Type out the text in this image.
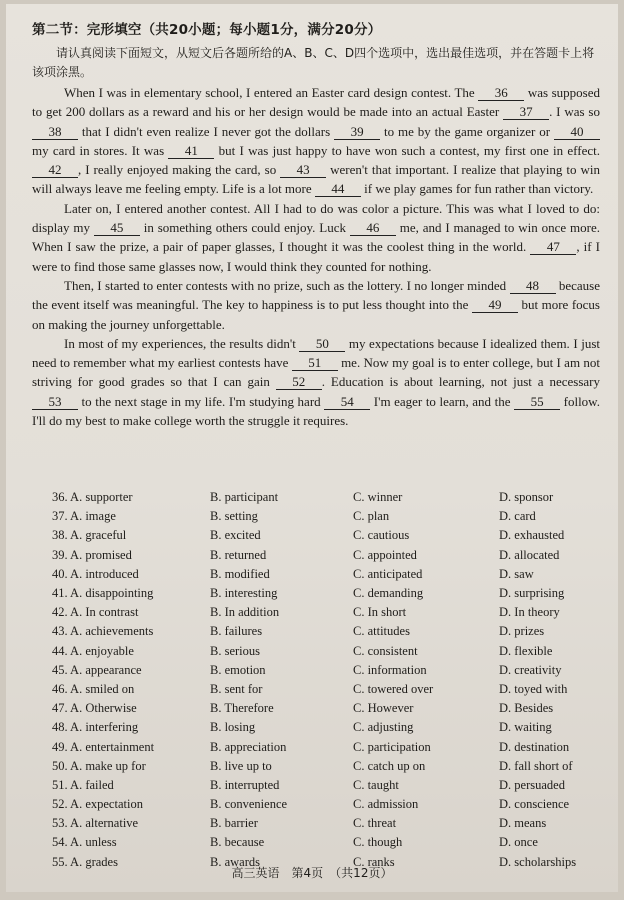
第二节：完形填空（共20小题；每小题1分，满分20分）
请认真阅读下面短文，从短文后各题所给的A、B、C、D四个选项中，选出最佳选项，并在答题卡上将该项涂黑。

When I was in elementary school, I entered an Easter card design contest. The 36 was supposed to get 200 dollars as a reward and his or her design would be made into an actual Easter 37 . I was so 38 that I didn't even realize I never got the dollars 39 to me by the game organizer or 40 my card in stores. It was 41 but I was just happy to have won such a contest, my first one in effect. 42 , I really enjoyed making the card, so 43 weren't that important. I realize that playing to win will always leave me feeling empty. Life is a lot more 44 if we play games for fun rather than victory.

Later on, I entered another contest. All I had to do was color a picture. This was what I loved to do: display my 45 in something others could enjoy. Luck 46 me, and I managed to win once more. When I saw the prize, a pair of paper glasses, I thought it was the coolest thing in the world. 47 , if I were to find those same glasses now, I would think they counted for nothing.

Then, I started to enter contests with no prize, such as the lottery. I no longer minded 48 because the event itself was meaningful. The key to happiness is to put less thought into the 49 but more focus on making the journey unforgettable.

In most of my experiences, the results didn't 50 my expectations because I idealized them. I just need to remember what my earliest contests have 51 me. Now my goal is to enter college, but I am not striving for good grades so that I can gain 52 . Education is about learning, not just a necessary 53 to the next stage in my life. I'm studying hard 54 I'm eager to learn, and the 55 follow. I'll do my best to make college worth the struggle it requires.

36. A. supporter	B. participant	C. winner	D. sponsor
37. A. image	B. setting	C. plan	D. card
38. A. graceful	B. excited	C. cautious	D. exhausted
39. A. promised	B. returned	C. appointed	D. allocated
40. A. introduced	B. modified	C. anticipated	D. saw
41. A. disappointing	B. interesting	C. demanding	D. surprising
42. A. In contrast	B. In addition	C. In short	D. In theory
43. A. achievements	B. failures	C. attitudes	D. prizes
44. A. enjoyable	B. serious	C. consistent	D. flexible
45. A. appearance	B. emotion	C. information	D. creativity
46. A. smiled on	B. sent for	C. towered over	D. toyed with
47. A. Otherwise	B. Therefore	C. However	D. Besides
48. A. interfering	B. losing	C. adjusting	D. waiting
49. A. entertainment	B. appreciation	C. participation	D. destination
50. A. make up for	B. live up to	C. catch up on	D. fall short of
51. A. failed	B. interrupted	C. taught	D. persuaded
52. A. expectation	B. convenience	C. admission	D. conscience
53. A. alternative	B. barrier	C. threat	D. means
54. A. unless	B. because	C. though	D. once
55. A. grades	B. awards	C. ranks	D. scholarships
高三英语　第4页　（共12页）
